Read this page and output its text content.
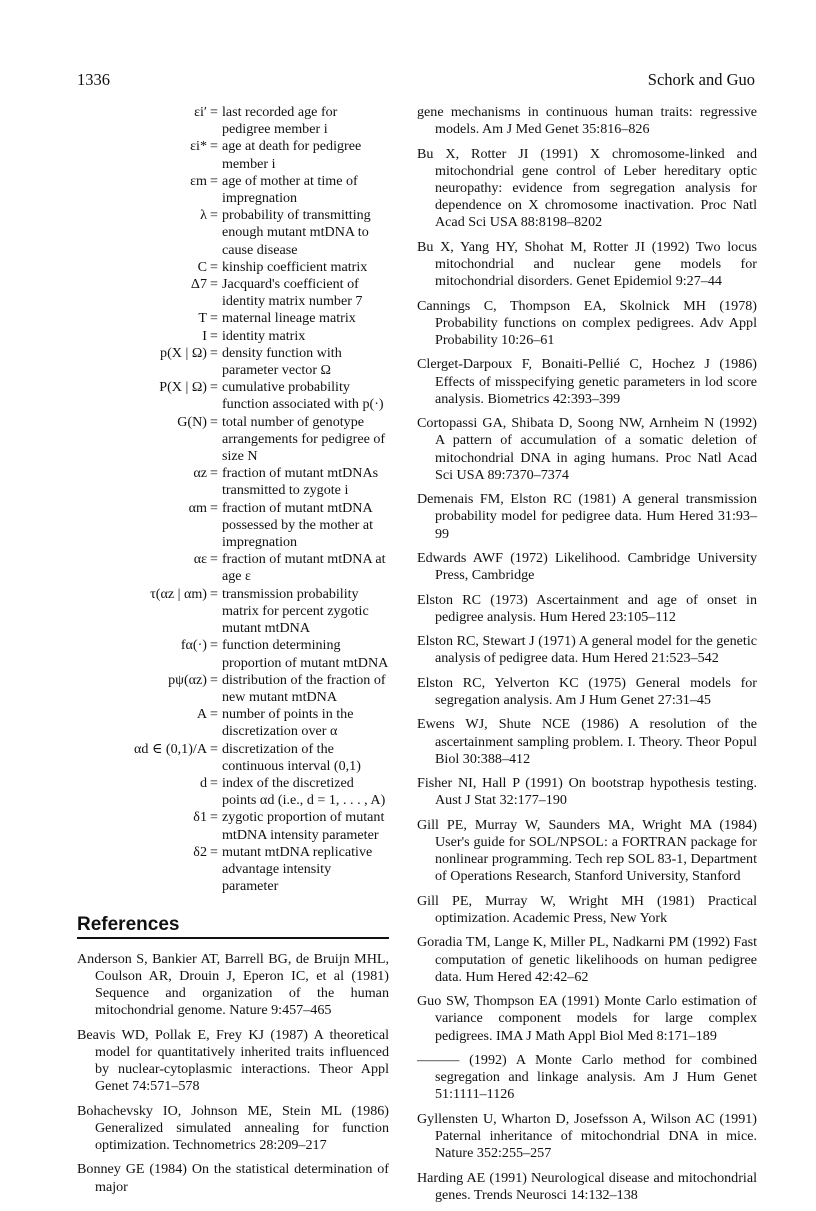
1336	Schork and Guo
εi′ = last recorded age for pedigree member i
εi* = age at death for pedigree member i
εm = age of mother at time of impregnation
λ = probability of transmitting enough mutant mtDNA to cause disease
C = kinship coefficient matrix
Δ7 = Jacquard's coefficient of identity matrix number 7
T = maternal lineage matrix
I = identity matrix
p(X | Ω) = density function with parameter vector Ω
P(X | Ω) = cumulative probability function associated with p(·)
G(N) = total number of genotype arrangements for pedigree of size N
αz = fraction of mutant mtDNAs transmitted to zygote i
αm = fraction of mutant mtDNA possessed by the mother at impregnation
αε = fraction of mutant mtDNA at age ε
τ(αz | αm) = transmission probability matrix for percent zygotic mutant mtDNA
fα(·) = function determining proportion of mutant mtDNA
pψ(αz) = distribution of the fraction of new mutant mtDNA
A = number of points in the discretization over α
αd ∈ (0,1)/A = discretization of the continuous interval (0,1)
d = index of the discretized points αd (i.e., d = 1, . . . , A)
δ1 = zygotic proportion of mutant mtDNA intensity parameter
δ2 = mutant mtDNA replicative advantage intensity parameter
References
Anderson S, Bankier AT, Barrell BG, de Bruijn MHL, Coulson AR, Drouin J, Eperon IC, et al (1981) Sequence and organization of the human mitochondrial genome. Nature 9:457–465
Beavis WD, Pollak E, Frey KJ (1987) A theoretical model for quantitatively inherited traits influenced by nuclear-cytoplasmic interactions. Theor Appl Genet 74:571–578
Bohachevsky IO, Johnson ME, Stein ML (1986) Generalized simulated annealing for function optimization. Technometrics 28:209–217
Bonney GE (1984) On the statistical determination of major
gene mechanisms in continuous human traits: regressive models. Am J Med Genet 35:816–826
Bu X, Rotter JI (1991) X chromosome-linked and mitochondrial gene control of Leber hereditary optic neuropathy: evidence from segregation analysis for dependence on X chromosome inactivation. Proc Natl Acad Sci USA 88:8198–8202
Bu X, Yang HY, Shohat M, Rotter JI (1992) Two locus mitochondrial and nuclear gene models for mitochondrial disorders. Genet Epidemiol 9:27–44
Cannings C, Thompson EA, Skolnick MH (1978) Probability functions on complex pedigrees. Adv Appl Probability 10:26–61
Clerget-Darpoux F, Bonaiti-Pellié C, Hochez J (1986) Effects of misspecifying genetic parameters in lod score analysis. Biometrics 42:393–399
Cortopassi GA, Shibata D, Soong NW, Arnheim N (1992) A pattern of accumulation of a somatic deletion of mitochondrial DNA in aging humans. Proc Natl Acad Sci USA 89:7370–7374
Demenais FM, Elston RC (1981) A general transmission probability model for pedigree data. Hum Hered 31:93–99
Edwards AWF (1972) Likelihood. Cambridge University Press, Cambridge
Elston RC (1973) Ascertainment and age of onset in pedigree analysis. Hum Hered 23:105–112
Elston RC, Stewart J (1971) A general model for the genetic analysis of pedigree data. Hum Hered 21:523–542
Elston RC, Yelverton KC (1975) General models for segregation analysis. Am J Hum Genet 27:31–45
Ewens WJ, Shute NCE (1986) A resolution of the ascertainment sampling problem. I. Theory. Theor Popul Biol 30:388–412
Fisher NI, Hall P (1991) On bootstrap hypothesis testing. Aust J Stat 32:177–190
Gill PE, Murray W, Saunders MA, Wright MA (1984) User's guide for SOL/NPSOL: a FORTRAN package for nonlinear programming. Tech rep SOL 83-1, Department of Operations Research, Stanford University, Stanford
Gill PE, Murray W, Wright MH (1981) Practical optimization. Academic Press, New York
Goradia TM, Lange K, Miller PL, Nadkarni PM (1992) Fast computation of genetic likelihoods on human pedigree data. Hum Hered 42:42–62
Guo SW, Thompson EA (1991) Monte Carlo estimation of variance component models for large complex pedigrees. IMA J Math Appl Biol Med 8:171–189
——— (1992) A Monte Carlo method for combined segregation and linkage analysis. Am J Hum Genet 51:1111–1126
Gyllensten U, Wharton D, Josefsson A, Wilson AC (1991) Paternal inheritance of mitochondrial DNA in mice. Nature 352:255–257
Harding AE (1991) Neurological disease and mitochondrial genes. Trends Neurosci 14:132–138
